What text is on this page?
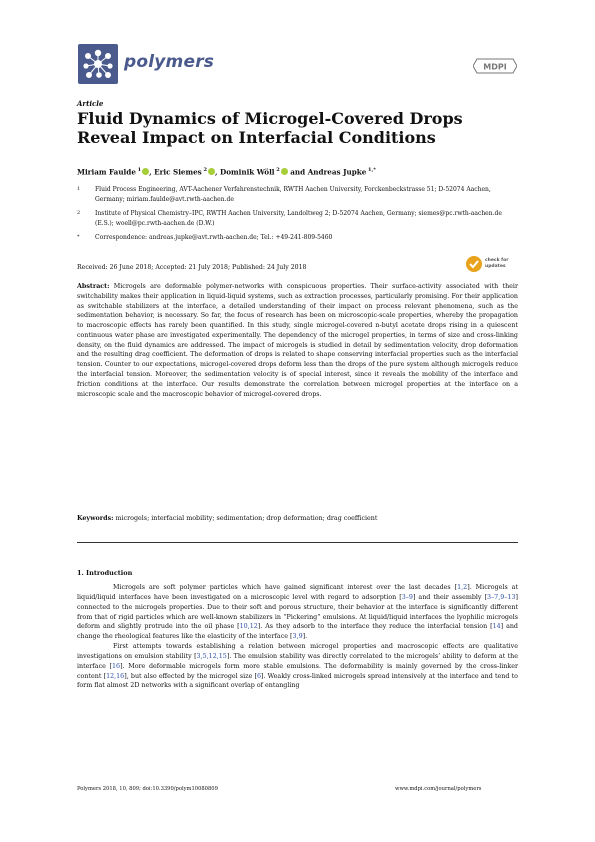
polymers	MDPI
Article
Fluid Dynamics of Microgel-Covered Drops Reveal Impact on Interfacial Conditions
Miriam Faulde $^1$ , Eric Siemes $^2$ , Dominik Wöll $^2$ and Andreas Jupke $^{1,*}$
1 Fluid Process Engineering, AVT-Aachener Verfahrenstechnik, RWTH Aachen University, Forckenbeckstrasse 51; D-52074 Aachen, Germany; miriam.faulde@avt.rwth-aachen.de
2 Institute of Physical Chemistry–IPC, RWTH Aachen University, Landoltweg 2; D-52074 Aachen, Germany; siemes@pc.rwth-aachen.de (E.S.); woell@pc.rwth-aachen.de (D.W.)
*	Correspondence: andreas.jupke@avt.rwth-aachen.de; Tel.: +49-241-809-5460
check for
updates
Received: 26 June 2018; Accepted: 21 July 2018; Published: 24 July 2018
Abstract: Microgels are deformable polymer-networks with conspicuous properties. Their surface-activity associated with their switchability makes their application in liquid-liquid systems, such as extraction processes, particularly promising. For their application as switchable stabilizers at the interface, a detailed understanding of their impact on process relevant phenomena, such as the sedimentation behavior, is necessary. So far, the focus of research has been on microscopic-scale properties, whereby the propagation to macroscopic effects has rarely been quantified. In this study, single microgel-covered n-butyl acetate drops rising in a quiescent continuous water phase are investigated experimentally. The dependency of the microgel properties, in terms of size and cross-linking density, on the fluid dynamics are addressed. The impact of microgels is studied in detail by sedimentation velocity, drop deformation and the resulting drag coefficient. The deformation of drops is related to shape conserving interfacial properties such as the interfacial tension. Counter to our expectations, microgel-covered drops deform less than the drops of the pure system although microgels reduce the interfacial tension. Moreover, the sedimentation velocity is of special interest, since it reveals the mobility of the interface and friction conditions at the interface. Our results demonstrate the correlation between microgel properties at the interface on a microscopic scale and the macroscopic behavior of microgel-covered drops.
Keywords: microgels; interfacial mobility; sedimentation; drop deformation; drag coefficient
1. Introduction

Microgels are soft polymer particles which have gained significant interest over the last decades [1,2]. Microgels at liquid/liquid interfaces have been investigated on a microscopic level with regard to adsorption [3–9] and their assembly [3–7,9–13] connected to the microgels properties. Due to their soft and porous structure, their behavior at the interface is significantly different from that of rigid particles which are well-known stabilizers in “Pickering” emulsions. At liquid/liquid interfaces the lyophilic microgels deform and slightly protrude into the oil phase [10,12]. As they adsorb to the interface they reduce the interfacial tension [14] and change the rheological features like the elasticity of the interface [3,9].

First attempts towards establishing a relation between microgel properties and macroscopic effects are qualitative investigations on emulsion stability [3,5,12,15]. The emulsion stability was directly correlated to the microgels’ ability to deform at the interface [16]. More deformable microgels form more stable emulsions. The deformability is mainly governed by the cross-linker content [12,16], but also effected by the microgel size [6]. Weakly cross-linked microgels spread intensively at the interface and tend to form flat almost 2D networks with a significant overlap of entangling

Polymers 2018, 10, 809; doi:10.3390/polym10080809	www.mdpi.com/journal/polymers
